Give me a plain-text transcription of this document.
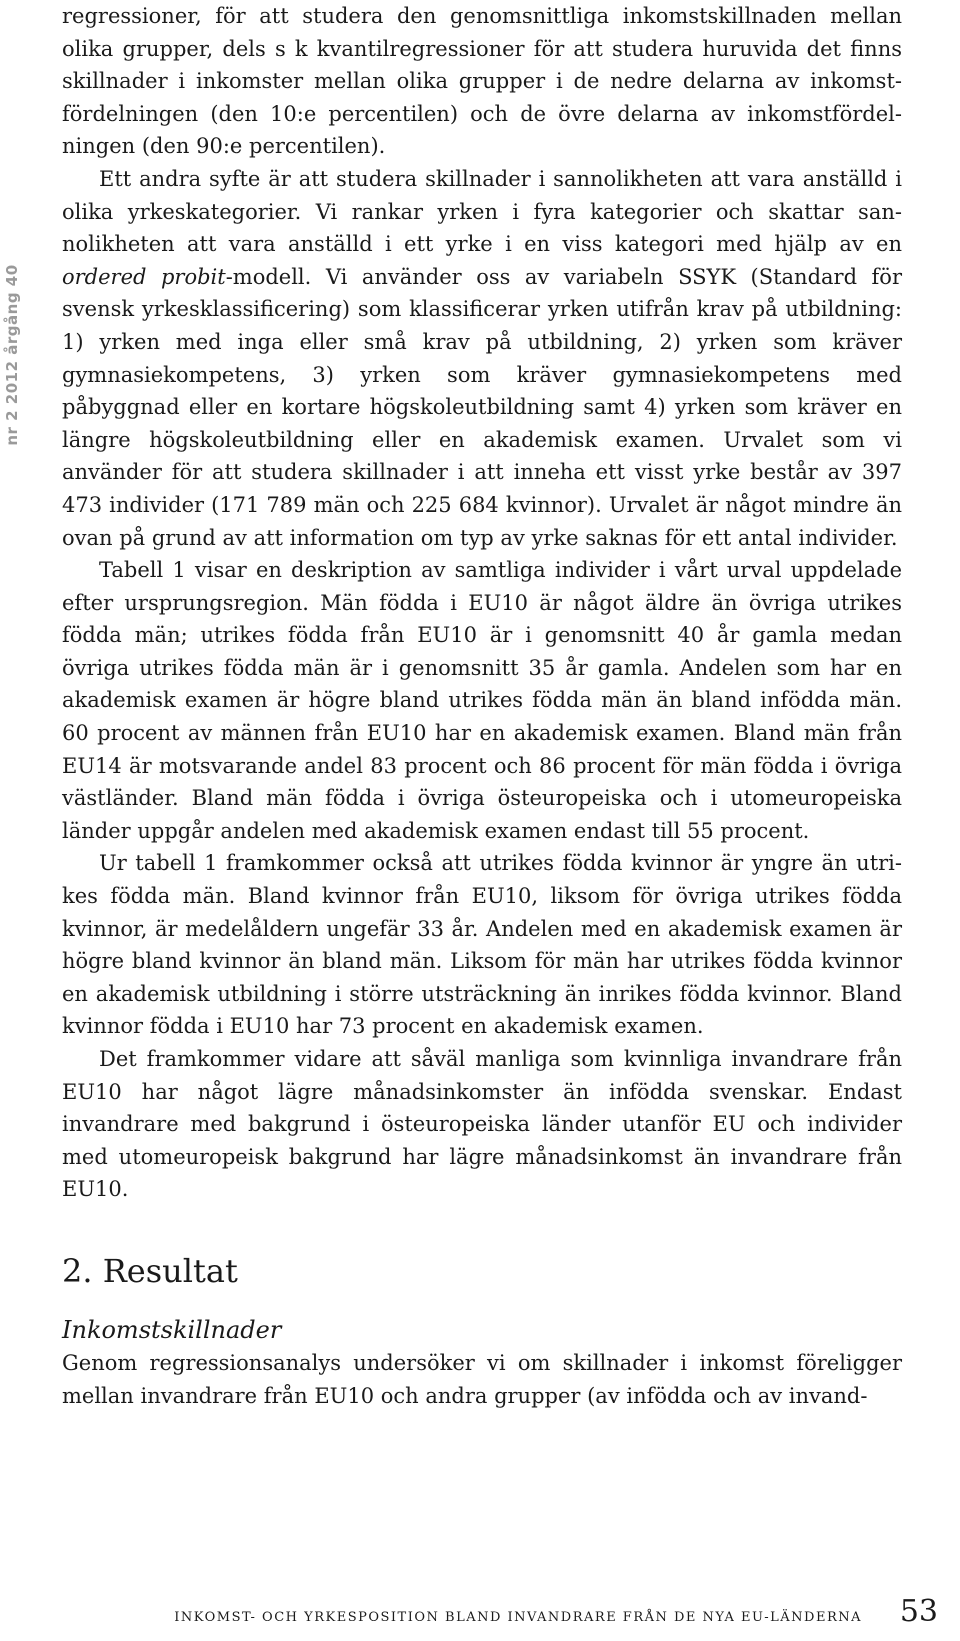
nr 2 2012 årgång 40

regressioner, för att studera den genomsnittliga inkomstskillnaden mellan olika grupper, dels s k kvantilregressioner för att studera huruvida det finns skillnader i inkomster mellan olika grupper i de nedre delarna av inkomstfördelningen (den 10:e percentilen) och de övre delarna av inkomstfördelningen (den 90:e percentilen).

Ett andra syfte är att studera skillnader i sannolikheten att vara anställd i olika yrkeskategorier. Vi rankar yrken i fyra kategorier och skattar sannolikheten att vara anställd i ett yrke i en viss kategori med hjälp av en ordered probit-modell. Vi använder oss av variabeln SSYK (Standard för svensk yrkesklassificering) som klassificerar yrken utifrån krav på utbildning: 1) yrken med inga eller små krav på utbildning, 2) yrken som kräver gymnasiekompetens, 3) yrken som kräver gymnasiekompetens med påbyggnad eller en kortare högskoleutbildning samt 4) yrken som kräver en längre högskoleutbildning eller en akademisk examen. Urvalet som vi använder för att studera skillnader i att inneha ett visst yrke består av 397 473 individer (171 789 män och 225 684 kvinnor). Urvalet är något mindre än ovan på grund av att information om typ av yrke saknas för ett antal individer.

Tabell 1 visar en deskription av samtliga individer i vårt urval uppdelade efter ursprungsregion. Män födda i EU10 är något äldre än övriga utrikes födda män; utrikes födda från EU10 är i genomsnitt 40 år gamla medan övriga utrikes födda män är i genomsnitt 35 år gamla. Andelen som har en akademisk examen är högre bland utrikes födda män än bland infödda män. 60 procent av männen från EU10 har en akademisk examen. Bland män från EU14 är motsvarande andel 83 procent och 86 procent för män födda i övriga västländer. Bland män födda i övriga östeuropeiska och i utomeuropeiska länder uppgår andelen med akademisk examen endast till 55 procent.

Ur tabell 1 framkommer också att utrikes födda kvinnor är yngre än utrikes födda män. Bland kvinnor från EU10, liksom för övriga utrikes födda kvinnor, är medelåldern ungefär 33 år. Andelen med en akademisk examen är högre bland kvinnor än bland män. Liksom för män har utrikes födda kvinnor en akademisk utbildning i större utsträckning än inrikes födda kvinnor. Bland kvinnor födda i EU10 har 73 procent en akademisk examen.

Det framkommer vidare att såväl manliga som kvinnliga invandrare från EU10 har något lägre månadsinkomster än infödda svenskar. Endast invandrare med bakgrund i östeuropeiska länder utanför EU och individer med utomeuropeisk bakgrund har lägre månadsinkomst än invandrare från EU10.

2. Resultat
Inkomstskillnader

Genom regressionsanalys undersöker vi om skillnader i inkomst föreligger mellan invandrare från EU10 och andra grupper (av infödda och av invand-

INKOMST- OCH YRKESPOSITION BLAND INVANDRARE FRÅN DE NYA EU-LÄNDERNA 53
